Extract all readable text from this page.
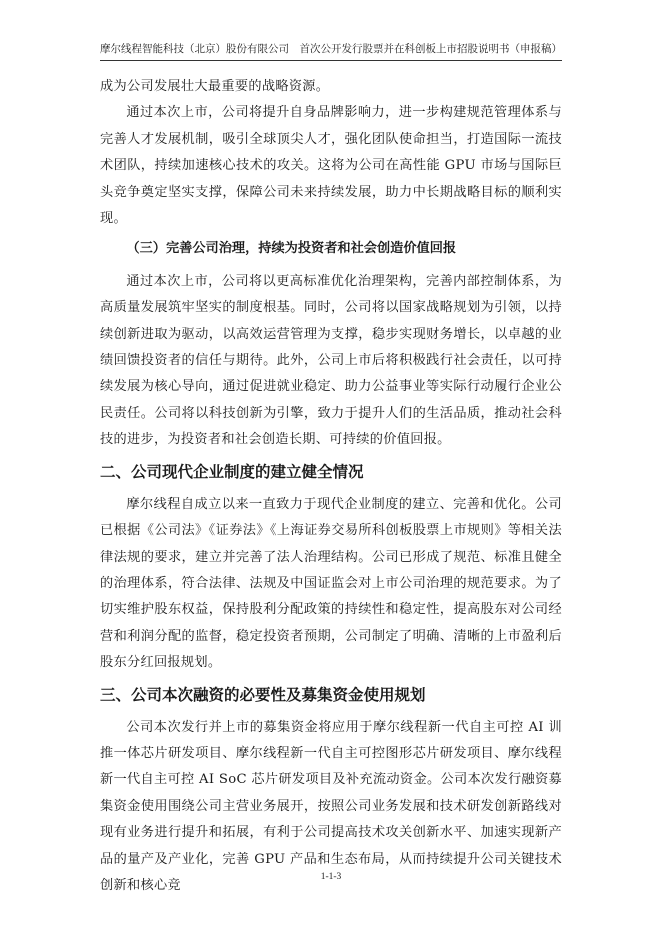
摩尔线程智能科技（北京）股份有限公司 首次公开发行股票并在科创板上市招股说明书（申报稿）

成为公司发展壮大最重要的战略资源。

通过本次上市，公司将提升自身品牌影响力，进一步构建规范管理体系与完善人才发展机制，吸引全球顶尖人才，强化团队使命担当，打造国际一流技术团队，持续加速核心技术的攻关。这将为公司在高性能 GPU 市场与国际巨头竞争奠定坚实支撑，保障公司未来持续发展，助力中长期战略目标的顺利实现。

（三）完善公司治理，持续为投资者和社会创造价值回报

通过本次上市，公司将以更高标准优化治理架构，完善内部控制体系，为高质量发展筑牢坚实的制度根基。同时，公司将以国家战略规划为引领，以持续创新进取为驱动，以高效运营管理为支撑，稳步实现财务增长，以卓越的业绩回馈投资者的信任与期待。此外，公司上市后将积极践行社会责任，以可持续发展为核心导向，通过促进就业稳定、助力公益事业等实际行动履行企业公民责任。公司将以科技创新为引擎，致力于提升人们的生活品质，推动社会科技的进步，为投资者和社会创造长期、可持续的价值回报。

二、公司现代企业制度的建立健全情况

摩尔线程自成立以来一直致力于现代企业制度的建立、完善和优化。公司已根据《公司法》《证券法》《上海证券交易所科创板股票上市规则》等相关法律法规的要求，建立并完善了法人治理结构。公司已形成了规范、标准且健全的治理体系，符合法律、法规及中国证监会对上市公司治理的规范要求。为了切实维护股东权益，保持股利分配政策的持续性和稳定性，提高股东对公司经营和利润分配的监督，稳定投资者预期，公司制定了明确、清晰的上市盈利后股东分红回报规划。

三、公司本次融资的必要性及募集资金使用规划

公司本次发行并上市的募集资金将应用于摩尔线程新一代自主可控 AI 训推一体芯片研发项目、摩尔线程新一代自主可控图形芯片研发项目、摩尔线程新一代自主可控 AI SoC 芯片研发项目及补充流动资金。公司本次发行融资募集资金使用围绕公司主营业务展开，按照公司业务发展和技术研发创新路线对现有业务进行提升和拓展，有利于公司提高技术攻关创新水平、加速实现新产品的量产及产业化，完善 GPU 产品和生态布局，从而持续提升公司关键技术创新和核心竞

1-1-3
